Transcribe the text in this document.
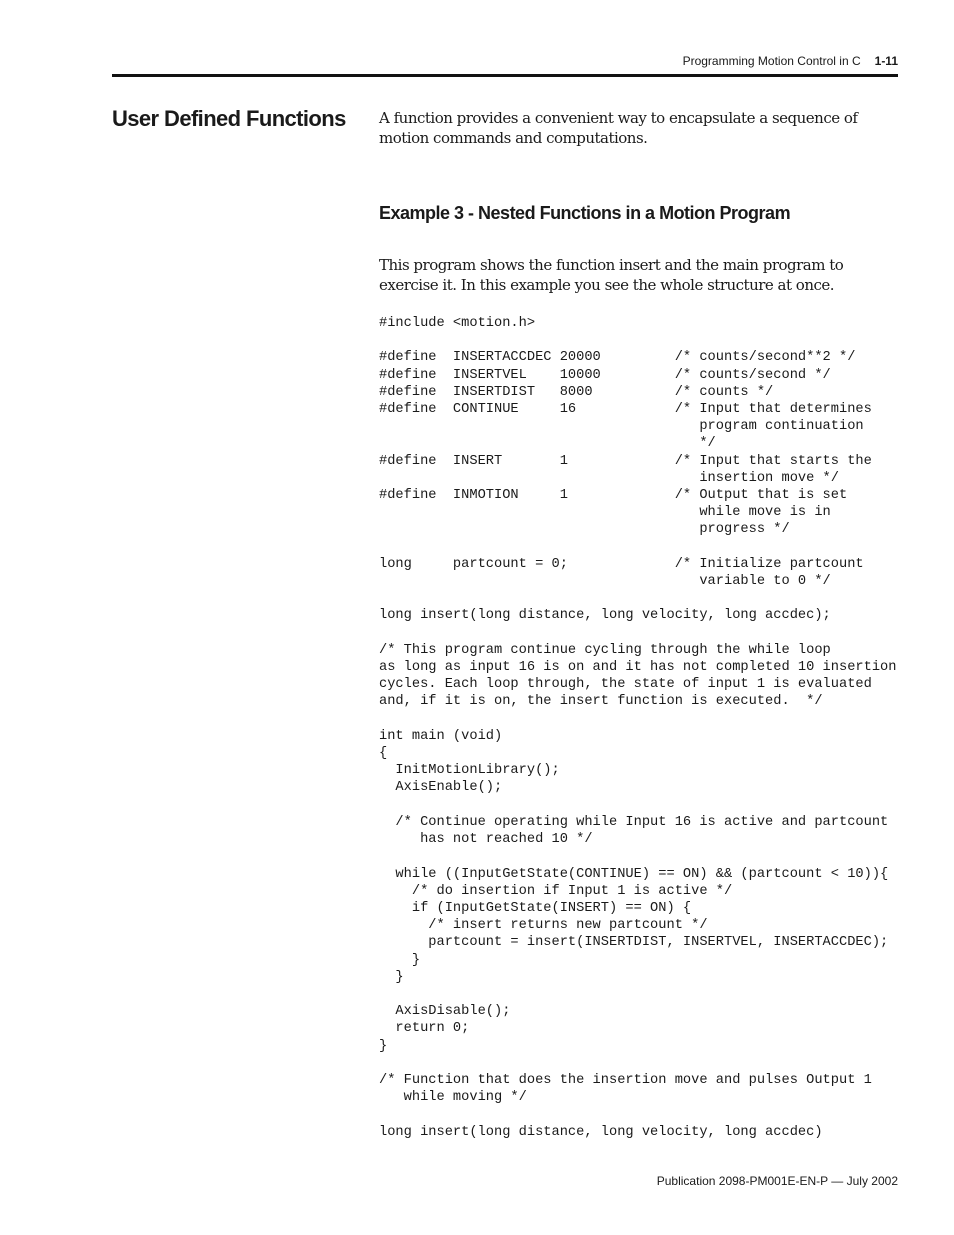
Programming Motion Control in C 1-11
User Defined Functions A function provides a convenient way to encapsulate a sequence of motion commands and computations.

Example 3 - Nested Functions in a Motion Program

This program shows the function insert and the main program to exercise it. In this example you see the whole structure at once.

#include <motion.h>

#define  INSERTACCDEC 20000         /* counts/second**2 */
#define  INSERTVEL    10000         /* counts/second */
#define  INSERTDIST   8000          /* counts */
#define  CONTINUE     16            /* Input that determines
program continuation
*/
#define  INSERT       1             /* Input that starts the
insertion move */
#define  INMOTION     1             /* Output that is set
while move is in
progress */

long     partcount = 0;             /* Initialize partcount
variable to 0 */

long insert(long distance, long velocity, long accdec);

/* This program continue cycling through the while loop
as long as input 16 is on and it has not completed 10 insertion
cycles. Each loop through, the state of input 1 is evaluated
and, if it is on, the insert function is executed.  */

int main (void)
{
InitMotionLibrary();
AxisEnable();

/* Continue operating while Input 16 is active and partcount
has not reached 10 */

while ((InputGetState(CONTINUE) == ON) && (partcount < 10)){
/* do insertion if Input 1 is active */
if (InputGetState(INSERT) == ON) {
/* insert returns new partcount */
partcount = insert(INSERTDIST, INSERTVEL, INSERTACCDEC);
}
}

AxisDisable();
return 0;
}

/* Function that does the insertion move and pulses Output 1
while moving */

long insert(long distance, long velocity, long accdec)
Publication 2098-PM001E-EN-P — July 2002
